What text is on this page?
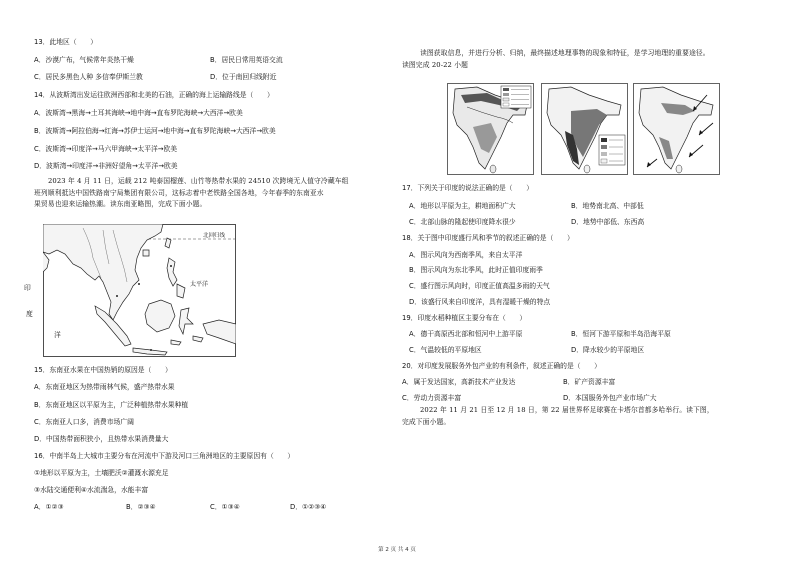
13．此地区（　　）
A．沙漠广布，气候常年炎热干燥	B．居民日常用英语交流
C．居民多黑色人种 多信奉伊斯兰教	D．位于南回归线附近
14．从波斯湾出发运往欧洲西部和北美的石油，正确的海上运输路线是（　　）
A．波斯湾→黑海→土耳其海峡→地中海→直布罗陀海峡→大西洋→欧美
B．波斯湾→阿拉伯海→红海→苏伊士运河→地中海→直布罗陀海峡→大西洋→欧美
C．波斯湾→印度洋→马六甲海峡→太平洋→欧美
D．波斯湾→印度洋→非洲好望角→太平洋→欧美
2023 年 4 月 11 日，运载 212 吨泰国榴莲、山竹等热带水果的 24510 次跨境无人值守冷藏车组
班列顺利抵达中国铁路南宁局集团有限公司，这标志着中老铁路全国各地，今年春季的东南亚水
果贸易也迎来运输热潮。读东南亚略图，完成下面小题。
北回归线
太平洋
印
度
洋
15．东南亚水果在中国热销的原因是（　　）
A．东南亚地区为热带雨林气候，盛产热带水果
B．东南亚地区以平原为主，广泛种植热带水果种植
C．东南亚人口多，消费市场广阔
D．中国热带面积狭小，且热带水果消费量大
16．中南半岛上大城市主要分布在河流中下游及河口三角洲地区的主要原因有（　　）
①地形以平原为主，土壤肥沃②灌溉水源充足
③水陆交通便利④水流湍急，水能丰富
A．①②③	B．②③④	C．①③④	D．①②③④
读图获取信息，并进行分析、归纳，最终描述地理事物的现象和特征，是学习地理的重要途径。
读图完成 20-22 小题
17．下列关于印度的说法正确的是（　　）
A．地形以平原为主，耕地面积广大	B．地势南北高、中部低
C．北部山脉的隆起使印度降水很少	D．地势中部低、东西高
18．关于图中印度盛行风和季节的叙述正确的是（　　）
A．图示风向为西南季风，来自太平洋
B．图示风向为东北季风，此时正值印度雨季
C．盛行图示风向时，印度正值高温多雨的天气
D．该盛行风来自印度洋，具有湿暖干燥的特点
19．印度水稻种植区主要分布在（　　）
A．德干高原西北部和恒河中上游平原	B．恒河下游平原和半岛沿海平原
C．气温较低的平原地区	D．降水较少的平原地区
20．对印度发展服务外包产业的有利条件，叙述正确的是（　　）
A．属于发达国家，高新技术产业发达	B．矿产资源丰富
C．劳动力资源丰富	D．本国服务外包产业市场广大
2022 年 11 月 21 日至 12 月 18 日，第 22 届世界杯足球赛在卡塔尔首都多哈举行。读下图，
完成下面小题。
第 2 页 共 4 页
